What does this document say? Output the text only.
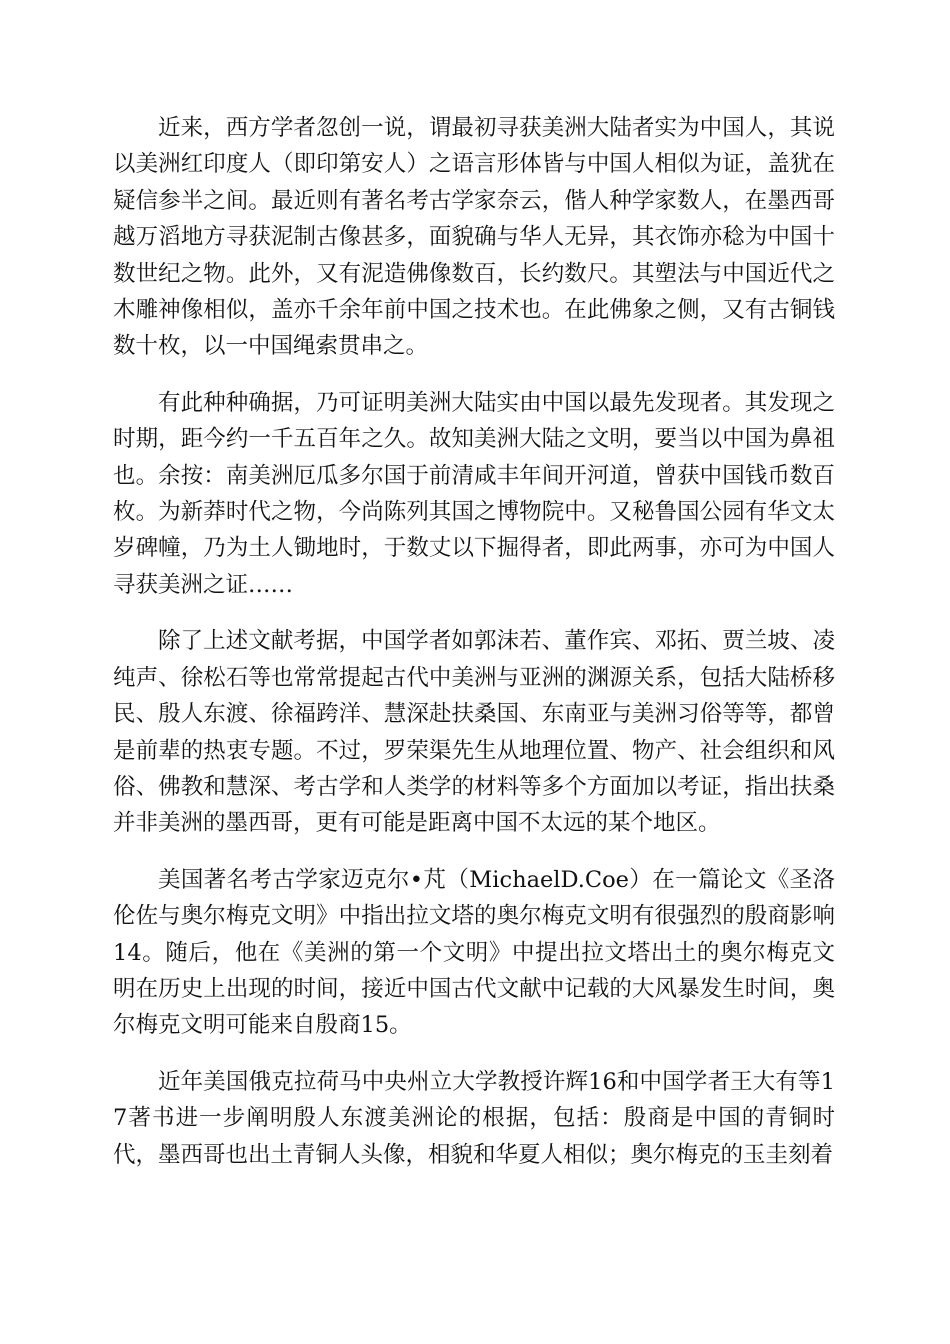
近来，西方学者忽创一说，谓最初寻获美洲大陆者实为中国人，其说以美洲红印度人（即印第安人）之语言形体皆与中国人相似为证，盖犹在疑信参半之间。最近则有著名考古学家奈云，偕人种学家数人，在墨西哥越万滔地方寻获泥制古像甚多，面貌确与华人无异，其衣饰亦稔为中国十数世纪之物。此外，又有泥造佛像数百，长约数尺。其塑法与中国近代之木雕神像相似，盖亦千余年前中国之技术也。在此佛象之侧，又有古铜钱数十枚，以一中国绳索贯串之。

有此种种确据，乃可证明美洲大陆实由中国以最先发现者。其发现之时期，距今约一千五百年之久。故知美洲大陆之文明，要当以中国为鼻祖也。余按：南美洲厄瓜多尔国于前清咸丰年间开河道，曾获中国钱币数百枚。为新莽时代之物，今尚陈列其国之博物院中。又秘鲁国公园有华文太岁碑幢，乃为土人锄地时，于数丈以下掘得者，即此两事，亦可为中国人寻获美洲之证……

除了上述文献考据，中国学者如郭沫若、董作宾、邓拓、贾兰坡、凌纯声、徐松石等也常常提起古代中美洲与亚洲的渊源关系，包括大陆桥移民、殷人东渡、徐福跨洋、慧深赴扶桑国、东南亚与美洲习俗等等，都曾是前辈的热衷专题。不过，罗荣渠先生从地理位置、物产、社会组织和风俗、佛教和慧深、考古学和人类学的材料等多个方面加以考证，指出扶桑并非美洲的墨西哥，更有可能是距离中国不太远的某个地区。

美国著名考古学家迈克尔•芃（MichaelD.Coe）在一篇论文《圣洛伦佐与奥尔梅克文明》中指出拉文塔的奥尔梅克文明有很强烈的殷商影响14。随后，他在《美洲的第一个文明》中提出拉文塔出土的奥尔梅克文明在历史上出现的时间，接近中国古代文献中记载的大风暴发生时间，奥尔梅克文明可能来自殷商15。

近年美国俄克拉荷马中央州立大学教授许辉16和中国学者王大有等17著书进一步阐明殷人东渡美洲论的根据，包括：殷商是中国的青铜时代，墨西哥也出土青铜人头像，相貌和华夏人相似；奥尔梅克的玉圭刻着
